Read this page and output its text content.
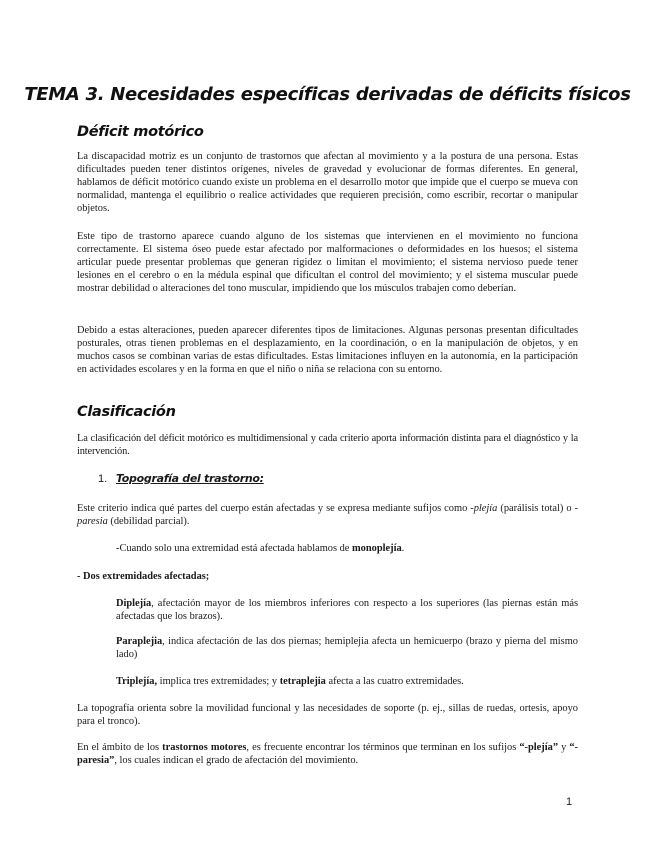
TEMA 3. Necesidades específicas derivadas de déficits físicos
Déficit motórico

La discapacidad motriz es un conjunto de trastornos que afectan al movimiento y a la postura de una persona. Estas dificultades pueden tener distintos orígenes, niveles de gravedad y evolucionar de formas diferentes. En general, hablamos de déficit motórico cuando existe un problema en el desarrollo motor que impide que el cuerpo se mueva con normalidad, mantenga el equilibrio o realice actividades que requieren precisión, como escribir, recortar o manipular objetos.

Este tipo de trastorno aparece cuando alguno de los sistemas que intervienen en el movimiento no funciona correctamente. El sistema óseo puede estar afectado por malformaciones o deformidades en los huesos; el sistema articular puede presentar problemas que generan rigidez o limitan el movimiento; el sistema nervioso puede tener lesiones en el cerebro o en la médula espinal que dificultan el control del movimiento; y el sistema muscular puede mostrar debilidad o alteraciones del tono muscular, impidiendo que los músculos trabajen como deberían.

Debido a estas alteraciones, pueden aparecer diferentes tipos de limitaciones. Algunas personas presentan dificultades posturales, otras tienen problemas en el desplazamiento, en la coordinación, o en la manipulación de objetos, y en muchos casos se combinan varias de estas dificultades. Estas limitaciones influyen en la autonomía, en la participación en actividades escolares y en la forma en que el niño o niña se relaciona con su entorno.

Clasificación

La clasificación del déficit motórico es multidimensional y cada criterio aporta información distinta para el diagnóstico y la intervención.

1. Topografía del trastorno:

Este criterio indica qué partes del cuerpo están afectadas y se expresa mediante sufijos como -plejía (parálisis total) o -paresia (debilidad parcial).

-Cuando solo una extremidad está afectada hablamos de monoplejía.

- Dos extremidades afectadas;

Diplejía, afectación mayor de los miembros inferiores con respecto a los superiores (las piernas están más afectadas que los brazos).

Paraplejia, indica afectación de las dos piernas; hemiplejia afecta un hemicuerpo (brazo y pierna del mismo lado)

Triplejía, implica tres extremidades; y tetraplejia afecta a las cuatro extremidades.

La topografía orienta sobre la movilidad funcional y las necesidades de soporte (p. ej., sillas de ruedas, ortesis, apoyo para el tronco).

En el ámbito de los trastornos motores, es frecuente encontrar los términos que terminan en los sufijos “-plejía” y “-paresia”, los cuales indican el grado de afectación del movimiento.

1
